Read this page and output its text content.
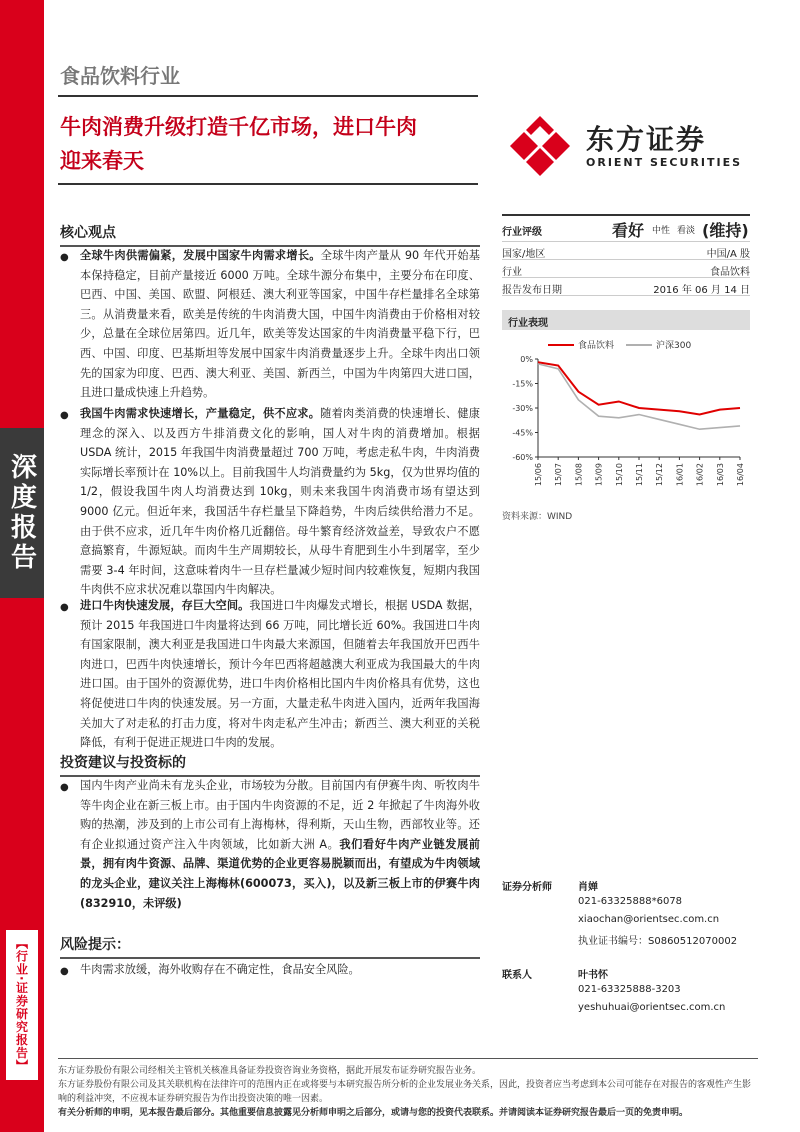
深度报告
【行业·证券研究报告】
食品饮料行业
牛肉消费升级打造千亿市场，进口牛肉
迎来春天
东方证券
ORIENT SECURITIES
核心观点
● 全球牛肉供需偏紧，发展中国家牛肉需求增长。全球牛肉产量从 90 年代开始基本保持稳定，目前产量接近 6000 万吨。全球牛源分布集中，主要分布在印度、巴西、中国、美国、欧盟、阿根廷、澳大利亚等国家，中国牛存栏量排名全球第三。从消费量来看，欧美是传统的牛肉消费大国，中国牛肉消费由于价格相对较少，总量在全球位居第四。近几年，欧美等发达国家的牛肉消费量平稳下行，巴西、中国、印度、巴基斯坦等发展中国家牛肉消费量逐步上升。全球牛肉出口领先的国家为印度、巴西、澳大利亚、美国、新西兰，中国为牛肉第四大进口国，且进口量成快速上升趋势。
● 我国牛肉需求快速增长，产量稳定，供不应求。随着肉类消费的快速增长、健康理念的深入、以及西方牛排消费文化的影响，国人对牛肉的消费增加。根据 USDA 统计，2015 年我国牛肉消费量超过 700 万吨，考虑走私牛肉，牛肉消费实际增长率预计在 10%以上。目前我国牛人均消费量约为 5kg，仅为世界均值的 1/2，假设我国牛肉人均消费达到 10kg，则未来我国牛肉消费市场有望达到 9000 亿元。但近年来，我国活牛存栏量呈下降趋势，牛肉后续供给潜力不足。由于供不应求，近几年牛肉价格几近翻倍。母牛繁育经济效益差，导致农户不愿意搞繁育，牛源短缺。而肉牛生产周期较长，从母牛育肥到生小牛到屠宰，至少需要 3-4 年时间，这意味着肉牛一旦存栏量减少短时间内较难恢复，短期内我国牛肉供不应求状况难以靠国内牛肉解决。
● 进口牛肉快速发展，存巨大空间。我国进口牛肉爆发式增长，根据 USDA 数据，预计 2015 年我国进口牛肉量将达到 66 万吨，同比增长近 60%。我国进口牛肉有国家限制，澳大利亚是我国进口牛肉最大来源国，但随着去年我国放开巴西牛肉进口，巴西牛肉快速增长，预计今年巴西将超越澳大利亚成为我国最大的牛肉进口国。由于国外的资源优势，进口牛肉价格相比国内牛肉价格具有优势，这也将促使进口牛肉的快速发展。另一方面，大量走私牛肉进入国内，近两年我国海关加大了对走私的打击力度，将对牛肉走私产生冲击；新西兰、澳大利亚的关税降低，有利于促进正规进口牛肉的发展。
投资建议与投资标的
● 国内牛肉产业尚未有龙头企业，市场较为分散。目前国内有伊赛牛肉、听牧肉牛等牛肉企业在新三板上市。由于国内牛肉资源的不足，近 2 年掀起了牛肉海外收购的热潮，涉及到的上市公司有上海梅林，得利斯，天山生物，西部牧业等。还有企业拟通过资产注入牛肉领域，比如新大洲 A。我们看好牛肉产业链发展前景，拥有肉牛资源、品牌、渠道优势的企业更容易脱颖而出，有望成为牛肉领域的龙头企业，建议关注上海梅林(600073，买入)，以及新三板上市的伊赛牛肉(832910，未评级)
风险提示：
● 牛肉需求放缓，海外收购存在不确定性，食品安全风险。
行业评级	看好 中性 看淡 (维持)
国家/地区	中国/A 股
行业	食品饮料
报告发布日期	2016 年 06 月 14 日
行业表现
0%
-15%
-30%
-45%
-60%
15/06 15/07 15/08 15/09 15/10 15/11 15/12 16/01 16/02 16/03 16/04
食品饮料	沪深300
资料来源：WIND
证券分析师	肖婵
021-63325888*6078
xiaochan@orientsec.com.cn
执业证书编号：S0860512070002
联系人	叶书怀
021-63325888-3203
yeshuhuai@orientsec.com.cn
东方证券股份有限公司经相关主管机关核准具备证券投资咨询业务资格，据此开展发布证券研究报告业务。
东方证券股份有限公司及其关联机构在法律许可的范围内正在或将要与本研究报告所分析的企业发展业务关系，因此，投资者应当考虑到本公司可能存在对报告的客观性产生影响的利益冲突，不应视本证券研究报告为作出投资决策的唯一因素。
有关分析师的申明，见本报告最后部分。其他重要信息披露见分析师申明之后部分，或请与您的投资代表联系。并请阅读本证券研究报告最后一页的免责申明。
